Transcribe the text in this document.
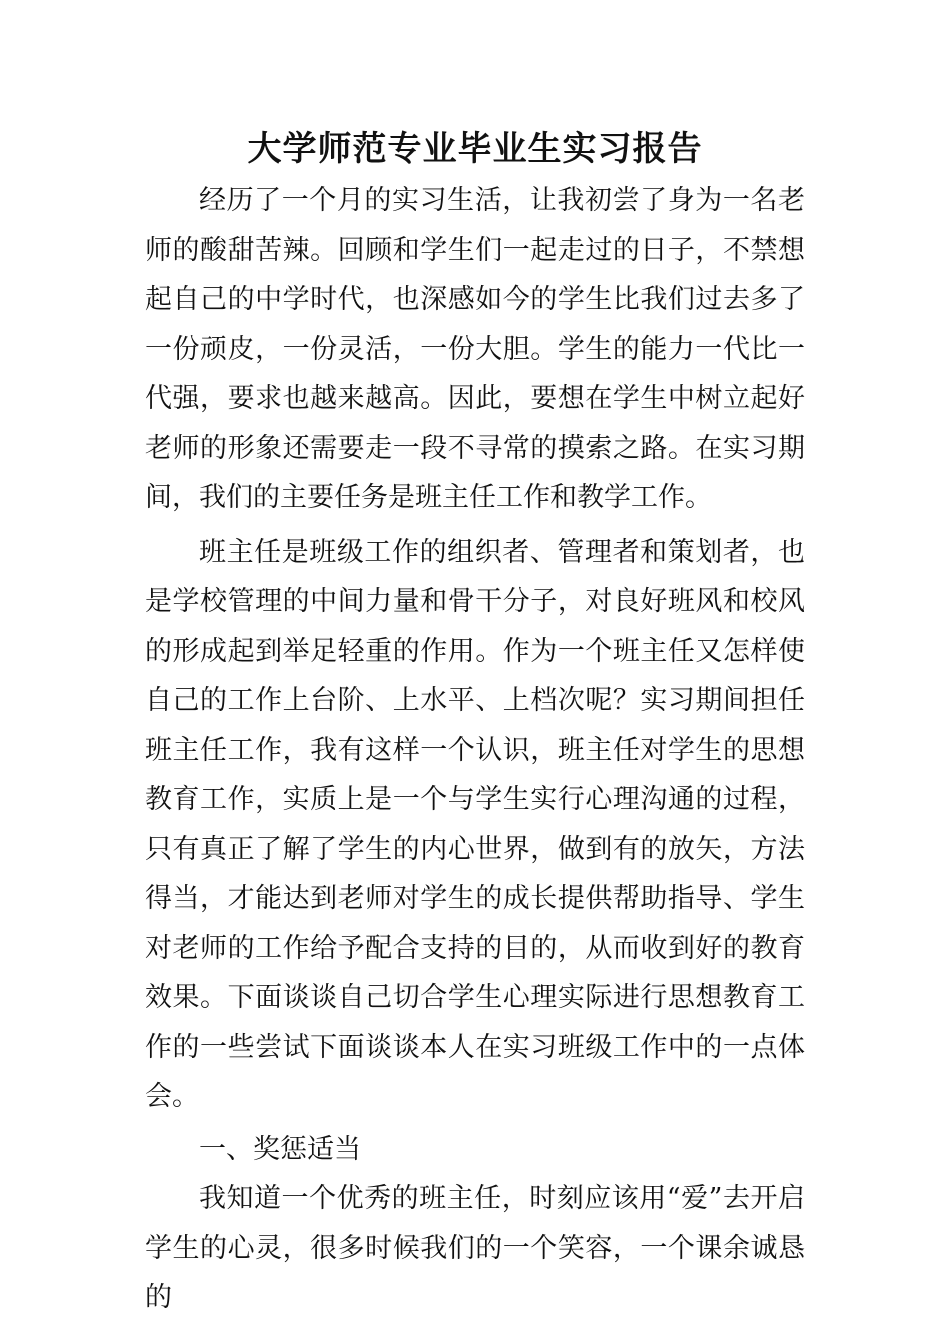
大学师范专业毕业生实习报告

经历了一个月的实习生活，让我初尝了身为一名老师的酸甜苦辣。回顾和学生们一起走过的日子，不禁想起自己的中学时代，也深感如今的学生比我们过去多了一份顽皮，一份灵活，一份大胆。学生的能力一代比一代强，要求也越来越高。因此，要想在学生中树立起好老师的形象还需要走一段不寻常的摸索之路。在实习期间，我们的主要任务是班主任工作和教学工作。

班主任是班级工作的组织者、管理者和策划者，也是学校管理的中间力量和骨干分子，对良好班风和校风的形成起到举足轻重的作用。作为一个班主任又怎样使自己的工作上台阶、上水平、上档次呢？实习期间担任班主任工作，我有这样一个认识，班主任对学生的思想教育工作，实质上是一个与学生实行心理沟通的过程，只有真正了解了学生的内心世界，做到有的放矢，方法得当，才能达到老师对学生的成长提供帮助指导、学生对老师的工作给予配合支持的目的，从而收到好的教育效果。下面谈谈自己切合学生心理实际进行思想教育工作的一些尝试下面谈谈本人在实习班级工作中的一点体会。

一、奖惩适当

我知道一个优秀的班主任，时刻应该用“爱”去开启学生的心灵，很多时候我们的一个笑容，一个课余诚恳的
